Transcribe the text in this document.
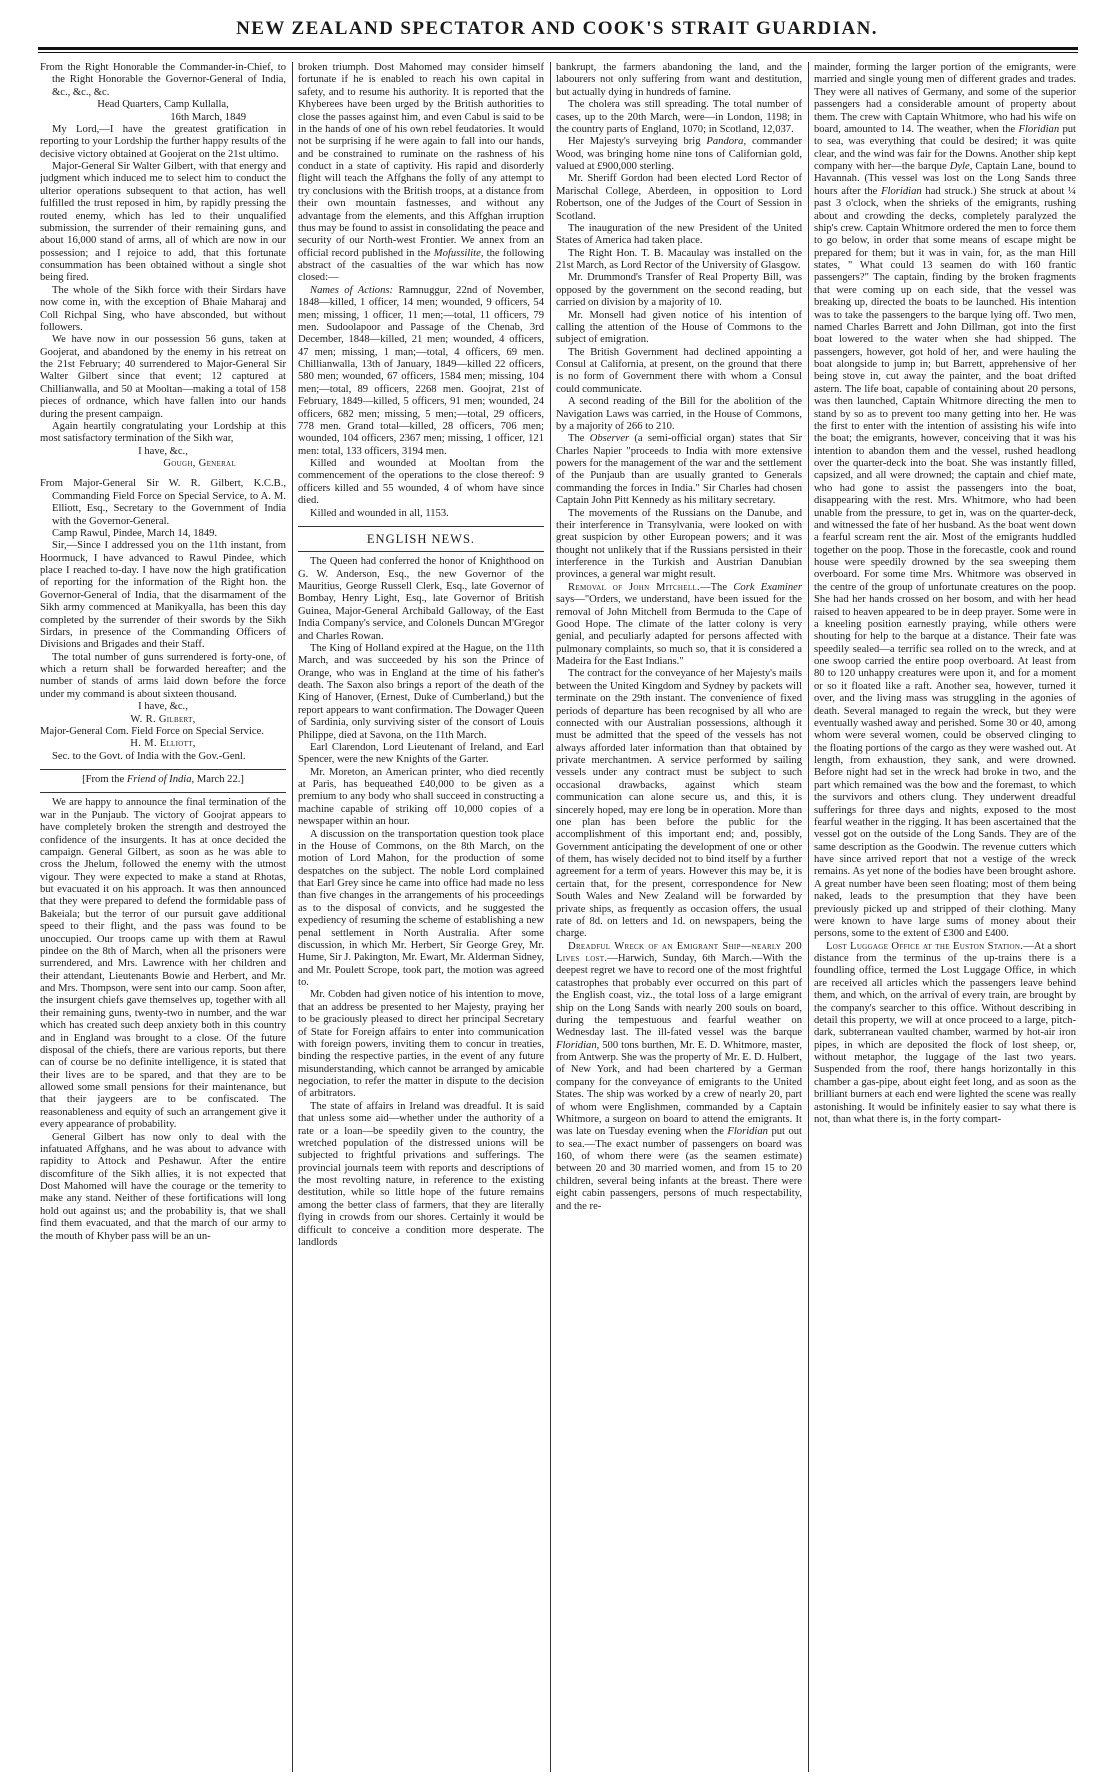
NEW ZEALAND SPECTATOR AND COOK'S STRAIT GUARDIAN.

From the Right Honorable the Commander-in-Chief, to the Right Honorable the Governor-General of India, &c., &c., &c.

Head Quarters, Camp Kullalla,

16th March, 1849

My Lord,—I have the greatest gratification in reporting to your Lordship the further happy results of the decisive victory obtained at Goojerat on the 21st ultimo.

Major-General Sir Walter Gilbert, with that energy and judgment which induced me to select him to conduct the ulterior operations subsequent to that action, has well fulfilled the trust reposed in him, by rapidly pressing the routed enemy, which has led to their unqualified submission, the surrender of their remaining guns, and about 16,000 stand of arms, all of which are now in our possession; and I rejoice to add, that this fortunate consummation has been obtained without a single shot being fired.

The whole of the Sikh force with their Sirdars have now come in, with the exception of Bhaie Maharaj and Coll Richpal Sing, who have absconded, but without followers.

We have now in our possession 56 guns, taken at Goojerat, and abandoned by the enemy in his retreat on the 21st February; 40 surrendered to Major-General Sir Walter Gilbert since that event; 12 captured at Chillianwalla, and 50 at Mooltan—making a total of 158 pieces of ordnance, which have fallen into our hands during the present campaign.

Again heartily congratulating your Lordship at this most satisfactory termination of the Sikh war,

I have, &c.,

Gough, General

From Major-General Sir W. R. Gilbert, K.C.B., Commanding Field Force on Special Service, to A. M. Elliott, Esq., Secretary to the Government of India with the Governor-General.

Camp Rawul, Pindee, March 14, 1849.

Sir,—Since I addressed you on the 11th instant, from Hoormuck, I have advanced to Rawul Pindee, which place I reached to-day. I have now the high gratification of reporting for the information of the Right hon. the Governor-General of India, that the disarmament of the Sikh army commenced at Manikyalla, has been this day completed by the surrender of their swords by the Sikh Sirdars, in presence of the Commanding Officers of Divisions and Brigades and their Staff.

The total number of guns surrendered is forty-one, of which a return shall be forwarded hereafter; and the number of stands of arms laid down before the force under my command is about sixteen thousand.

I have, &c.,

W. R. Gilbert,

Major-General Com. Field Force on Special Service.

H. M. Elliott,

Sec. to the Govt. of India with the Gov.-Genl.

[From the Friend of India, March 22.]

We are happy to announce the final termination of the war in the Punjaub. The victory of Goojrat appears to have completely broken the strength and destroyed the confidence of the insurgents. It has at once decided the campaign. General Gilbert, as soon as he was able to cross the Jhelum, followed the enemy with the utmost vigour. They were expected to make a stand at Rhotas, but evacuated it on his approach. It was then announced that they were prepared to defend the formidable pass of Bakeiala; but the terror of our pursuit gave additional speed to their flight, and the pass was found to be unoccupied. Our troops came up with them at Rawul pindee on the 8th of March, when all the prisoners were surrendered, and Mrs. Lawrence with her children and their attendant, Lieutenants Bowie and Herbert, and Mr. and Mrs. Thompson, were sent into our camp. Soon after, the insurgent chiefs gave themselves up, together with all their remaining guns, twenty-two in number, and the war which has created such deep anxiety both in this country and in England was brought to a close. Of the future disposal of the chiefs, there are various reports, but there can of course be no definite intelligence, it is stated that their lives are to be spared, and that they are to be allowed some small pensions for their maintenance, but that their jaygeers are to be confiscated. The reasonableness and equity of such an arrangement give it every appearance of probability.

General Gilbert has now only to deal with the infatuated Affghans, and he was about to advance with rapidity to Attock and Peshawur. After the entire discomfiture of the Sikh allies, it is not expected that Dost Mahomed will have the courage or the temerity to make any stand. Neither of these fortifications will long hold out against us; and the probability is, that we shall find them evacuated, and that the march of our army to the mouth of Khyber pass will be an un-

broken triumph. Dost Mahomed may consider himself fortunate if he is enabled to reach his own capital in safety, and to resume his authority. It is reported that the Khyberees have been urged by the British authorities to close the passes against him, and even Cabul is said to be in the hands of one of his own rebel feudatories. It would not be surprising if he were again to fall into our hands, and be constrained to ruminate on the rashness of his conduct in a state of captivity. His rapid and disorderly flight will teach the Affghans the folly of any attempt to try conclusions with the British troops, at a distance from their own mountain fastnesses, and without any advantage from the elements, and this Affghan irruption thus may be found to assist in consolidating the peace and security of our North-west Frontier. We annex from an official record published in the Mofussilite, the following abstract of the casualties of the war which has now closed:—

Names of Actions: Ramnuggur, 22nd of November, 1848—killed, 1 officer, 14 men; wounded, 9 officers, 54 men; missing, 1 officer, 11 men;—total, 11 officers, 79 men. Sudoolapoor and Passage of the Chenab, 3rd December, 1848—killed, 21 men; wounded, 4 officers, 47 men; missing, 1 man;—total, 4 officers, 69 men. Chillianwalla, 13th of January, 1849—killed 22 officers, 580 men; wounded, 67 officers, 1584 men; missing, 104 men;—total, 89 officers, 2268 men. Goojrat, 21st of February, 1849—killed, 5 officers, 91 men; wounded, 24 officers, 682 men; missing, 5 men;—total, 29 officers, 778 men. Grand total—killed, 28 officers, 706 men; wounded, 104 officers, 2367 men; missing, 1 officer, 121 men: total, 133 officers, 3194 men.

Killed and wounded at Mooltan from the commencement of the operations to the close thereof: 9 officers killed and 55 wounded, 4 of whom have since died.

Killed and wounded in all, 1153.

ENGLISH NEWS.

The Queen had conferred the honor of Knighthood on G. W. Anderson, Esq., the new Governor of the Mauritius, George Russell Clerk, Esq., late Governor of Bombay, Henry Light, Esq., late Governor of British Guinea, Major-General Archibald Galloway, of the East India Company's service, and Colonels Duncan M'Gregor and Charles Rowan.

The King of Holland expired at the Hague, on the 11th March, and was succeeded by his son the Prince of Orange, who was in England at the time of his father's death. The Saxon also brings a report of the death of the King of Hanover, (Ernest, Duke of Cumberland,) but the report appears to want confirmation. The Dowager Queen of Sardinia, only surviving sister of the consort of Louis Philippe, died at Savona, on the 11th March.

Earl Clarendon, Lord Lieutenant of Ireland, and Earl Spencer, were the new Knights of the Garter.

Mr. Moreton, an American printer, who died recently at Paris, has bequeathed £40,000 to be given as a premium to any body who shall succeed in constructing a machine capable of striking off 10,000 copies of a newspaper within an hour.

A discussion on the transportation question took place in the House of Commons, on the 8th March, on the motion of Lord Mahon, for the production of some despatches on the subject. The noble Lord complained that Earl Grey since he came into office had made no less than five changes in the arrangements of his proceedings as to the disposal of convicts, and he suggested the expediency of resuming the scheme of establishing a new penal settlement in North Australia. After some discussion, in which Mr. Herbert, Sir George Grey, Mr. Hume, Sir J. Pakington, Mr. Ewart, Mr. Alderman Sidney, and Mr. Poulett Scrope, took part, the motion was agreed to.

Mr. Cobden had given notice of his intention to move, that an address be presented to her Majesty, praying her to be graciously pleased to direct her principal Secretary of State for Foreign affairs to enter into communication with foreign powers, inviting them to concur in treaties, binding the respective parties, in the event of any future misunderstanding, which cannot be arranged by amicable negociation, to refer the matter in dispute to the decision of arbitrators.

The state of affairs in Ireland was dreadful. It is said that unless some aid—whether under the authority of a rate or a loan—be speedily given to the country, the wretched population of the distressed unions will be subjected to frightful privations and sufferings. The provincial journals teem with reports and descriptions of the most revolting nature, in reference to the existing destitution, while so little hope of the future remains among the better class of farmers, that they are literally flying in crowds from our shores. Certainly it would be difficult to conceive a condition more desperate. The landlords

bankrupt, the farmers abandoning the land, and the labourers not only suffering from want and destitution, but actually dying in hundreds of famine.

The cholera was still spreading. The total number of cases, up to the 20th March, were—in London, 1198; in the country parts of England, 1070; in Scotland, 12,037.

Her Majesty's surveying brig Pandora, commander Wood, was bringing home nine tons of Californian gold, valued at £900,000 sterling.

Mr. Sheriff Gordon had been elected Lord Rector of Marischal College, Aberdeen, in opposition to Lord Robertson, one of the Judges of the Court of Session in Scotland.

The inauguration of the new President of the United States of America had taken place.

The Right Hon. T. B. Macaulay was installed on the 21st March, as Lord Rector of the University of Glasgow.

Mr. Drummond's Transfer of Real Property Bill, was opposed by the government on the second reading, but carried on division by a majority of 10.

Mr. Monsell had given notice of his intention of calling the attention of the House of Commons to the subject of emigration.

The British Government had declined appointing a Consul at California, at present, on the ground that there is no form of Government there with whom a Consul could communicate.

A second reading of the Bill for the abolition of the Navigation Laws was carried, in the House of Commons, by a majority of 266 to 210.

The Observer (a semi-official organ) states that Sir Charles Napier "proceeds to India with more extensive powers for the management of the war and the settlement of the Punjaub than are usually granted to Generals commanding the forces in India." Sir Charles had chosen Captain John Pitt Kennedy as his military secretary.

The movements of the Russians on the Danube, and their interference in Transylvania, were looked on with great suspicion by other European powers; and it was thought not unlikely that if the Russians persisted in their interference in the Turkish and Austrian Danubian provinces, a general war might result.

Removal of John Mitchell.—The Cork Examiner says—"Orders, we understand, have been issued for the removal of John Mitchell from Bermuda to the Cape of Good Hope. The climate of the latter colony is very genial, and peculiarly adapted for persons affected with pulmonary complaints, so much so, that it is considered a Madeira for the East Indians."

The contract for the conveyance of her Majesty's mails between the United Kingdom and Sydney by packets will terminate on the 29th instant. The convenience of fixed periods of departure has been recognised by all who are connected with our Australian possessions, although it must be admitted that the speed of the vessels has not always afforded later information than that obtained by private merchantmen. A service performed by sailing vessels under any contract must be subject to such occasional drawbacks, against which steam communication can alone secure us, and this, it is sincerely hoped, may ere long be in operation. More than one plan has been before the public for the accomplishment of this important end; and, possibly, Government anticipating the development of one or other of them, has wisely decided not to bind itself by a further agreement for a term of years. However this may be, it is certain that, for the present, correspondence for New South Wales and New Zealand will be forwarded by private ships, as frequently as occasion offers, the usual rate of 8d. on letters and 1d. on newspapers, being the charge.

Dreadful Wreck of an Emigrant Ship—nearly 200 Lives lost.—Harwich, Sunday, 6th March.—With the deepest regret we have to record one of the most frightful catastrophes that probably ever occurred on this part of the English coast, viz., the total loss of a large emigrant ship on the Long Sands with nearly 200 souls on board, during the tempestuous and fearful weather on Wednesday last. The ill-fated vessel was the barque Floridian, 500 tons burthen, Mr. E. D. Whitmore, master, from Antwerp. She was the property of Mr. E. D. Hulbert, of New York, and had been chartered by a German company for the conveyance of emigrants to the United States. The ship was worked by a crew of nearly 20, part of whom were Englishmen, commanded by a Captain Whitmore, a surgeon on board to attend the emigrants. It was late on Tuesday evening when the Floridian put out to sea.—The exact number of passengers on board was 160, of whom there were (as the seamen estimate) between 20 and 30 married women, and from 15 to 20 children, several being infants at the breast. There were eight cabin passengers, persons of much respectability, and the re-

mainder, forming the larger portion of the emigrants, were married and single young men of different grades and trades. They were all natives of Germany, and some of the superior passengers had a considerable amount of property about them. The crew with Captain Whitmore, who had his wife on board, amounted to 14. The weather, when the Floridian put to sea, was everything that could be desired; it was quite clear, and the wind was fair for the Downs. Another ship kept company with her—the barque Dyle, Captain Lane, bound to Havannah. (This vessel was lost on the Long Sands three hours after the Floridian had struck.) She struck at about ¼ past 3 o'clock, when the shrieks of the emigrants, rushing about and crowding the decks, completely paralyzed the ship's crew. Captain Whitmore ordered the men to force them to go below, in order that some means of escape might be prepared for them; but it was in vain, for, as the man Hill states, " What could 13 seamen do with 160 frantic passengers?" The captain, finding by the broken fragments that were coming up on each side, that the vessel was breaking up, directed the boats to be launched. His intention was to take the passengers to the barque lying off. Two men, named Charles Barrett and John Dillman, got into the first boat lowered to the water when she had shipped. The passengers, however, got hold of her, and were hauling the boat alongside to jump in; but Barrett, apprehensive of her being stove in, cut away the painter, and the boat drifted astern. The life boat, capable of containing about 20 persons, was then launched, Captain Whitmore directing the men to stand by so as to prevent too many getting into her. He was the first to enter with the intention of assisting his wife into the boat; the emigrants, however, conceiving that it was his intention to abandon them and the vessel, rushed headlong over the quarter-deck into the boat. She was instantly filled, capsized, and all were drowned; the captain and chief mate, who had gone to assist the passengers into the boat, disappearing with the rest. Mrs. Whitmore, who had been unable from the pressure, to get in, was on the quarter-deck, and witnessed the fate of her husband. As the boat went down a fearful scream rent the air. Most of the emigrants huddled together on the poop. Those in the forecastle, cook and round house were speedily drowned by the sea sweeping them overboard. For some time Mrs. Whitmore was observed in the centre of the group of unfortunate creatures on the poop. She had her hands crossed on her bosom, and with her head raised to heaven appeared to be in deep prayer. Some were in a kneeling position earnestly praying, while others were shouting for help to the barque at a distance. Their fate was speedily sealed—a terrific sea rolled on to the wreck, and at one swoop carried the entire poop overboard. At least from 80 to 120 unhappy creatures were upon it, and for a moment or so it floated like a raft. Another sea, however, turned it over, and the living mass was struggling in the agonies of death. Several managed to regain the wreck, but they were eventually washed away and perished. Some 30 or 40, among whom were several women, could be observed clinging to the floating portions of the cargo as they were washed out. At length, from exhaustion, they sank, and were drowned. Before night had set in the wreck had broke in two, and the part which remained was the bow and the foremast, to which the survivors and others clung. They underwent dreadful sufferings for three days and nights, exposed to the most fearful weather in the rigging. It has been ascertained that the vessel got on the outside of the Long Sands. They are of the same description as the Goodwin. The revenue cutters which have since arrived report that not a vestige of the wreck remains. As yet none of the bodies have been brought ashore. A great number have been seen floating; most of them being naked, leads to the presumption that they have been previously picked up and stripped of their clothing. Many were known to have large sums of money about their persons, some to the extent of £300 and £400.

Lost Luggage Office at the Euston Station.—At a short distance from the terminus of the up-trains there is a foundling office, termed the Lost Luggage Office, in which are received all articles which the passengers leave behind them, and which, on the arrival of every train, are brought by the company's searcher to this office. Without describing in detail this property, we will at once proceed to a large, pitch-dark, subterranean vaulted chamber, warmed by hot-air iron pipes, in which are deposited the flock of lost sheep, or, without metaphor, the luggage of the last two years. Suspended from the roof, there hangs horizontally in this chamber a gas-pipe, about eight feet long, and as soon as the brilliant burners at each end were lighted the scene was really astonishing. It would be infinitely easier to say what there is not, than what there is, in the forty compart-
